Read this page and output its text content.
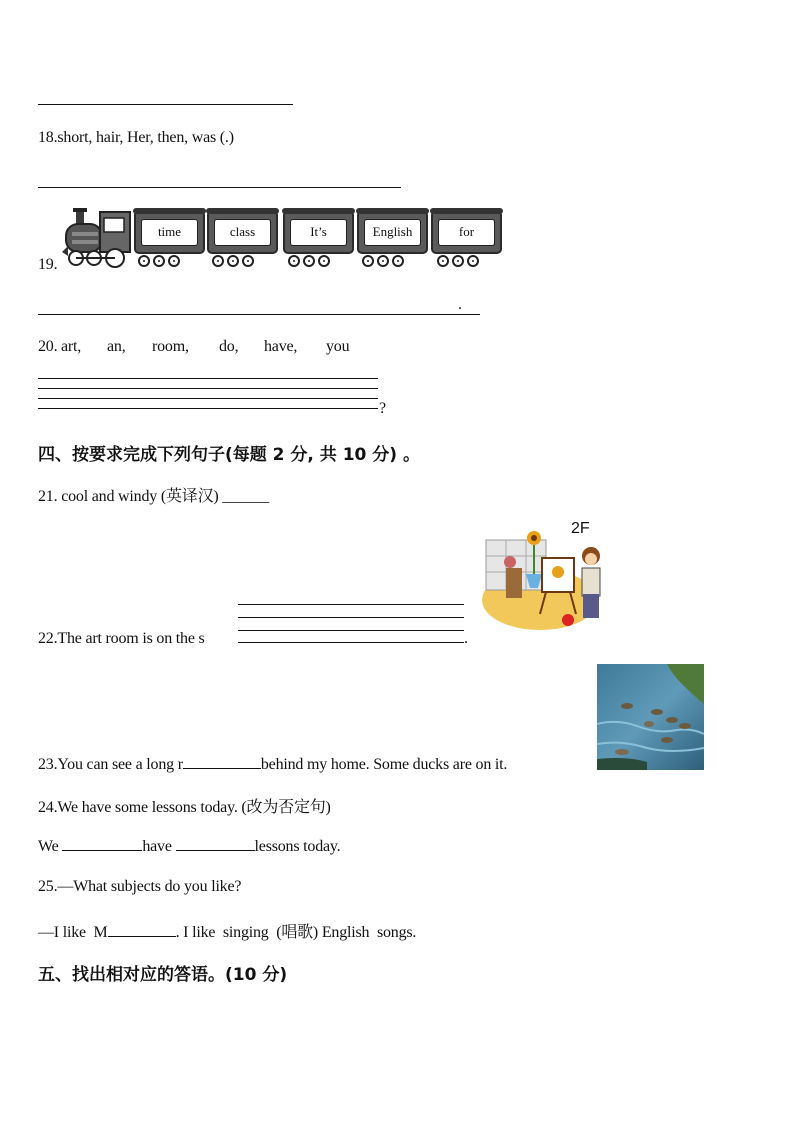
18.short, hair, Her, then, was (.)
19.
time	class	It’s	English	for
.
20. art, an, room, do, have, you
?
四、按要求完成下列句子(每题 2 分, 共 10 分) 。
21. cool and windy (英译汉) ______
2F
22.The art room is on the s	.
23.You can see a long r	behind my home. Some ducks are on it.
24.We have some lessons today. (改为否定句)
We	have	lessons today.
25.—What subjects do you like?
—I like  M	. I like  singing  (唱歌) English  songs.
五、找出相对应的答语。(10 分)
